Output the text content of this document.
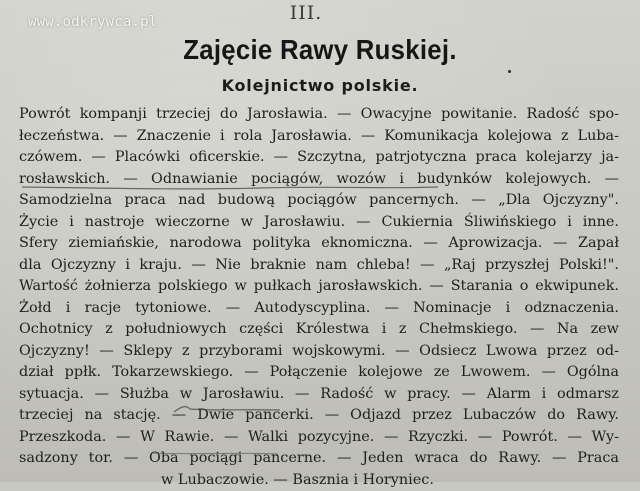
www.odkrywca.pl	III.
Zajęcie Rawy Ruskiej.
Kolejnictwo polskie.
Powrót kompanji trzeciej do Jarosławia. — Owacyjne powitanie. Radość spo-
łeczeństwa. — Znaczenie i rola Jarosławia. — Komunikacja kolejowa z Luba-
czówem. — Placówki oficerskie. — Szczytna, patrjotyczna praca kolejarzy ja-
rosławskich. — Odnawianie pociągów, wozów i budynków kolejowych. —
Samodzielna praca nad budową pociągów pancernych. — „Dla Ojczyzny".
Życie i nastroje wieczorne w Jarosławiu. — Cukiernia Śliwińskiego i inne.
Sfery ziemiańskie, narodowa polityka eknomiczna. — Aprowizacja. — Zapał
dla Ojczyzny i kraju. — Nie braknie nam chleba! — „Raj przyszłej Polski!".
Wartość żołnierza polskiego w pułkach jarosławskich. — Starania o ekwipunek.
Żołd i racje tytoniowe. — Autodyscyplina. — Nominacje i odznaczenia.
Ochotnicy z południowych części Królestwa i z Chełmskiego. — Na zew
Ojczyzny! — Sklepy z przyborami wojskowymi. — Odsiecz Lwowa przez od-
dział ppłk. Tokarzewskiego. — Połączenie kolejowe ze Lwowem. — Ogólna
sytuacja. — Służba w Jarosławiu. — Radość w pracy. — Alarm i odmarsz
trzeciej na stację. — Dwie pancerki. — Odjazd przez Lubaczów do Rawy.
Przeszkoda. — W Rawie. — Walki pozycyjne. — Rzyczki. — Powrót. — Wy-
sadzony tor. — Oba pociągi pancerne. — Jeden wraca do Rawy. — Praca
w Lubaczowie. — Basznia i Horyniec.
